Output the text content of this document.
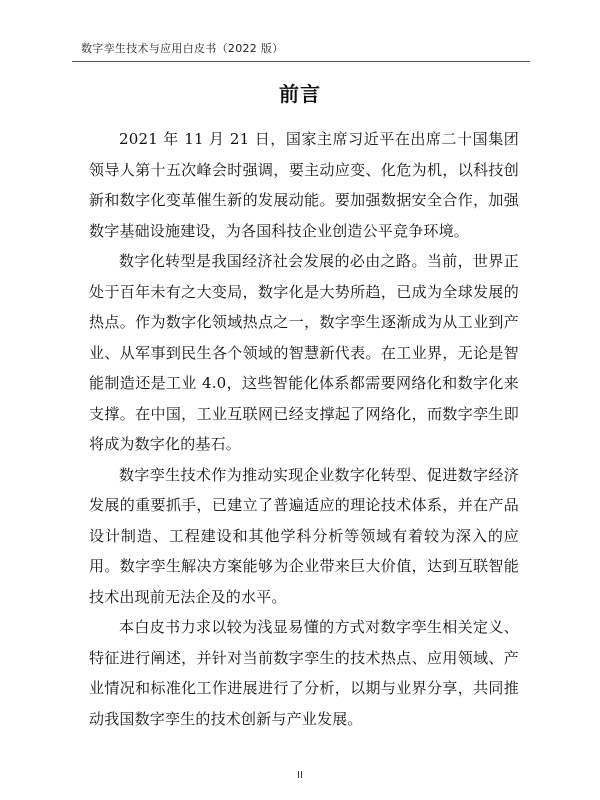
数字孪生技术与应用白皮书（2022 版）
前言

2021 年 11 月 21 日，国家主席习近平在出席二十国集团领导人第十五次峰会时强调，要主动应变、化危为机，以科技创新和数字化变革催生新的发展动能。要加强数据安全合作，加强数字基础设施建设，为各国科技企业创造公平竞争环境。

数字化转型是我国经济社会发展的必由之路。当前，世界正处于百年未有之大变局，数字化是大势所趋，已成为全球发展的热点。作为数字化领域热点之一，数字孪生逐渐成为从工业到产业、从军事到民生各个领域的智慧新代表。在工业界，无论是智能制造还是工业 4.0，这些智能化体系都需要网络化和数字化来支撑。在中国，工业互联网已经支撑起了网络化，而数字孪生即将成为数字化的基石。

数字孪生技术作为推动实现企业数字化转型、促进数字经济发展的重要抓手，已建立了普遍适应的理论技术体系，并在产品设计制造、工程建设和其他学科分析等领域有着较为深入的应用。数字孪生解决方案能够为企业带来巨大价值，达到互联智能技术出现前无法企及的水平。

本白皮书力求以较为浅显易懂的方式对数字孪生相关定义、特征进行阐述，并针对当前数字孪生的技术热点、应用领域、产业情况和标准化工作进展进行了分析，以期与业界分享，共同推动我国数字孪生的技术创新与产业发展。

II
